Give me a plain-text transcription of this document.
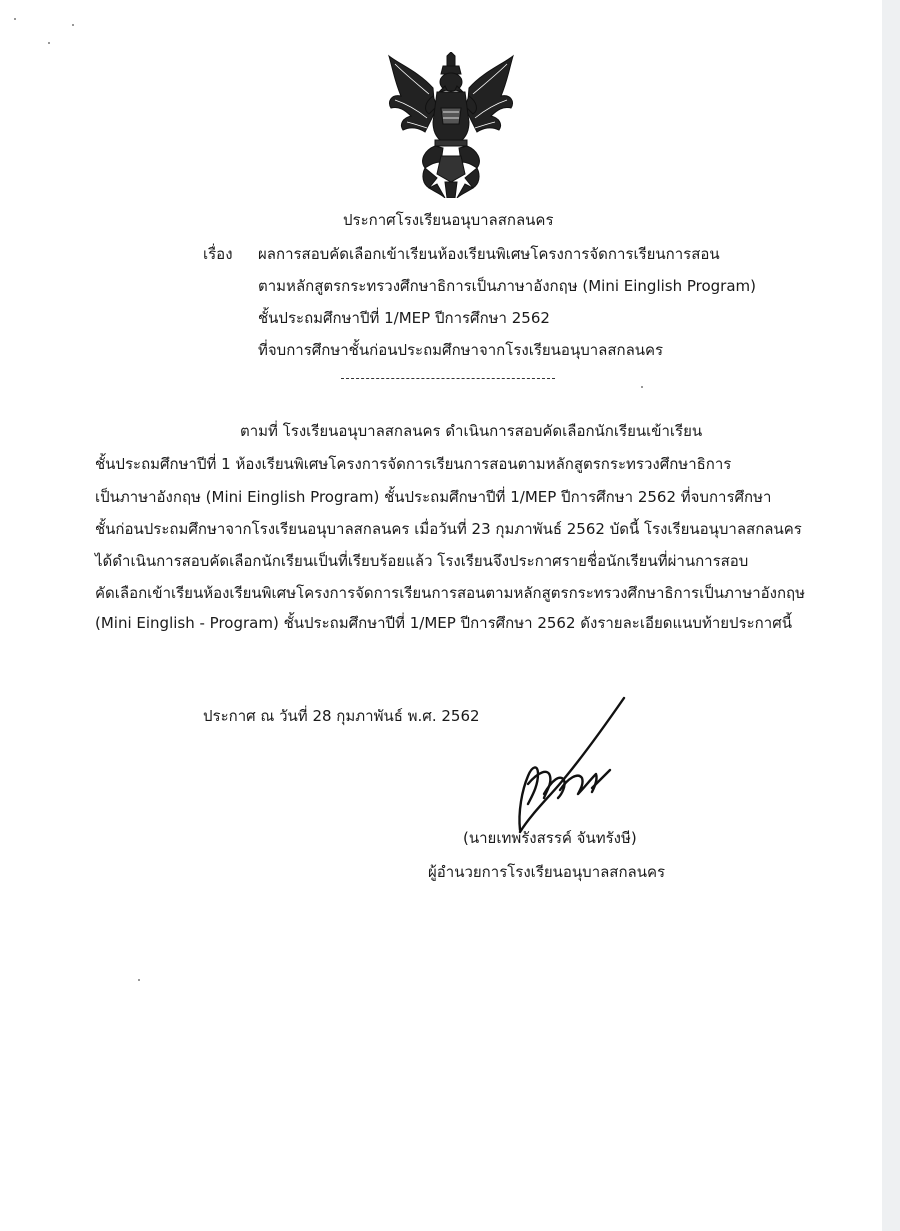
ประกาศโรงเรียนอนุบาลสกลนคร
เรื่อง ผลการสอบคัดเลือกเข้าเรียนห้องเรียนพิเศษโครงการจัดการเรียนการสอน
ตามหลักสูตรกระทรวงศึกษาธิการเป็นภาษาอังกฤษ (Mini Einglish Program)
ชั้นประถมศึกษาปีที่ 1/MEP ปีการศึกษา 2562
ที่จบการศึกษาชั้นก่อนประถมศึกษาจากโรงเรียนอนุบาลสกลนคร
ตามที่ โรงเรียนอนุบาลสกลนคร ดำเนินการสอบคัดเลือกนักเรียนเข้าเรียน
ชั้นประถมศึกษาปีที่ 1 ห้องเรียนพิเศษโครงการจัดการเรียนการสอนตามหลักสูตรกระทรวงศึกษาธิการ
เป็นภาษาอังกฤษ (Mini Einglish Program) ชั้นประถมศึกษาปีที่ 1/MEP ปีการศึกษา 2562 ที่จบการศึกษา
ชั้นก่อนประถมศึกษาจากโรงเรียนอนุบาลสกลนคร เมื่อวันที่ 23 กุมภาพันธ์ 2562 บัดนี้ โรงเรียนอนุบาลสกลนคร
ได้ดำเนินการสอบคัดเลือกนักเรียนเป็นที่เรียบร้อยแล้ว โรงเรียนจึงประกาศรายชื่อนักเรียนที่ผ่านการสอบ
คัดเลือกเข้าเรียนห้องเรียนพิเศษโครงการจัดการเรียนการสอนตามหลักสูตรกระทรวงศึกษาธิการเป็นภาษาอังกฤษ
(Mini Einglish - Program) ชั้นประถมศึกษาปีที่ 1/MEP ปีการศึกษา 2562 ดังรายละเอียดแนบท้ายประกาศนี้
ประกาศ ณ วันที่ 28 กุมภาพันธ์ พ.ศ. 2562
(นายเทพรังสรรค์ จันทรังษี)
ผู้อำนวยการโรงเรียนอนุบาลสกลนคร
